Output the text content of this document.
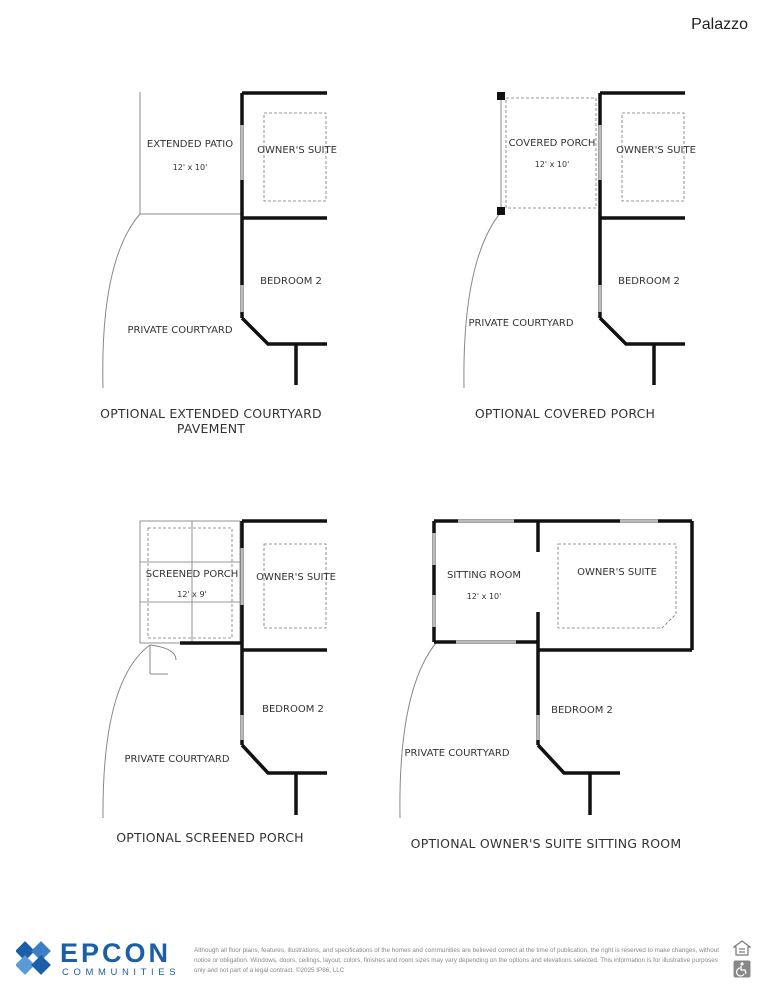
Palazzo
EXTENDED PATIO
12' x 10'
OWNER'S SUITE
BEDROOM 2
PRIVATE COURTYARD
OPTIONAL EXTENDED COURTYARD PAVEMENT
COVERED PORCH
12' x 10'
OWNER'S SUITE
BEDROOM 2
PRIVATE COURTYARD
OPTIONAL COVERED PORCH
SCREENED PORCH
12' x 9'
OWNER'S SUITE
BEDROOM 2
PRIVATE COURTYARD
OPTIONAL SCREENED PORCH
SITTING ROOM
12' x 10'
OWNER'S SUITE
BEDROOM 2
PRIVATE COURTYARD
OPTIONAL OWNER'S SUITE SITTING ROOM
EPCON
COMMUNITIES
Although all floor plans, features, illustrations, and specifications of the homes and communities are believed correct at the time of publication, the right is reserved to make changes, without notice or obligation. Windows, doors, ceilings, layout, colors, finishes and room sizes may vary depending on the options and elevations selected. This information is for illustrative purposes only and not part of a legal contract. ©2025 IP86, LLC
